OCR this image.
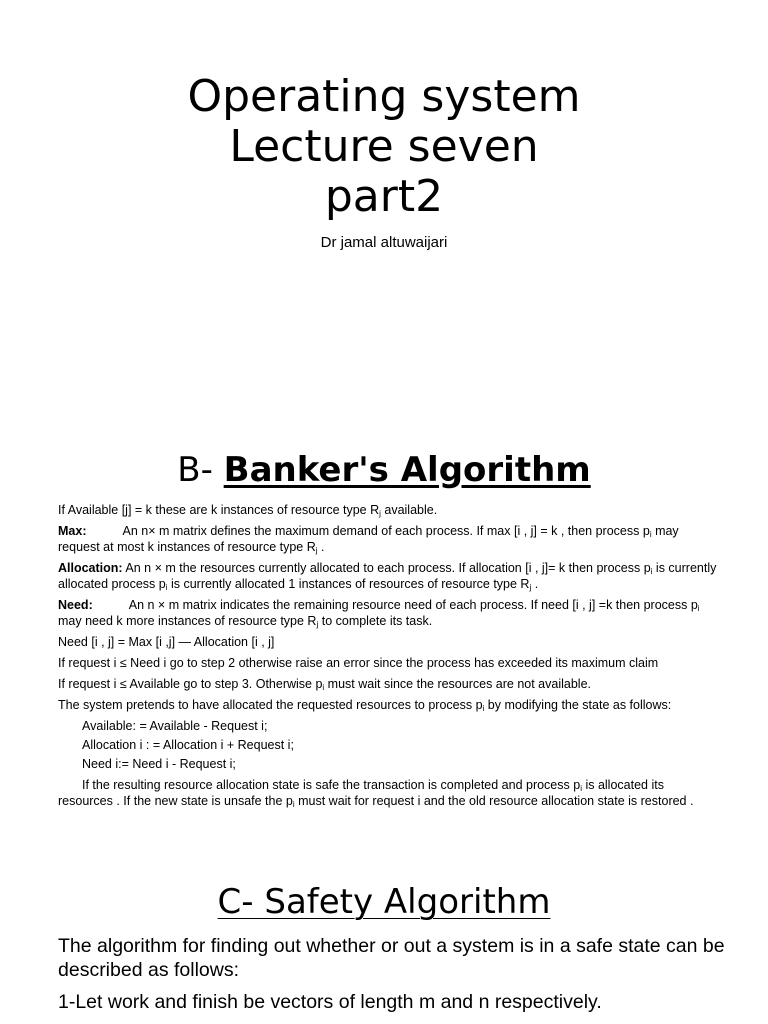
Operating system
Lecture seven
part2
Dr jamal altuwaijari
B- Banker's Algorithm

If Available [j] = k these are k instances of resource type $R_j$ available.

Max:	An n× m matrix defines the maximum demand of each process. If max [i , j] = k , then process $p_i$ may request at most k instances of resource type $R_j$ .

Allocation: An n × m the resources currently allocated to each process. If allocation [i , j]= k then process $p_i$ is currently allocated process $p_i$ is currently allocated 1 instances of resources of resource type $R_j$ .

Need:	An n × m matrix indicates the remaining resource need of each process. If need [i , j] =k then process $p_i$ may need k more instances of resource type $R_j$ to complete its task.

Need [i , j] = Max [i ,j] — Allocation [i , j]

If request i ≤ Need i go to step 2 otherwise raise an error since the process has exceeded its maximum claim

If request i ≤ Available go to step 3. Otherwise $p_i$ must wait since the resources are not available.

The system pretends to have allocated the requested resources to process $p_i$ by modifying the state as follows:

Available: = Available - Request i;

Allocation i : = Allocation i + Request i;

Need i:= Need i - Request i;

If the resulting resource allocation state is safe the transaction is completed and process $p_i$ is allocated its resources . If the new state is unsafe the $p_i$ must wait for request i and the old resource allocation state is restored .

C- Safety Algorithm

The algorithm for finding out whether or out a system is in a safe state can be described as follows:

1-Let work and finish be vectors of length m and n respectively.
